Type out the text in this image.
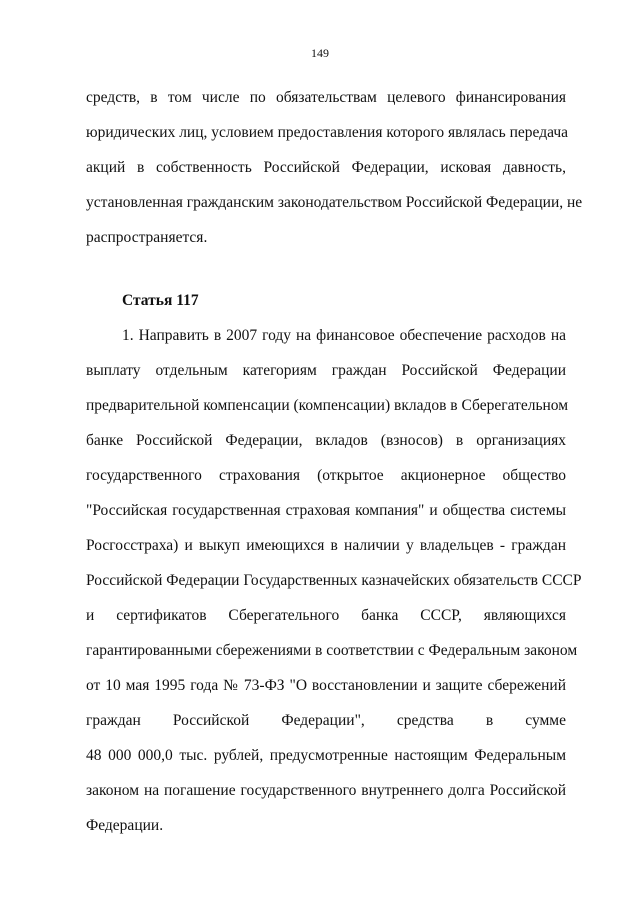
149
средств, в том числе по обязательствам целевого финансирования
юридических лиц, условием предоставления которого являлась передача
акций в собственность Российской Федерации, исковая давность,
установленная гражданским законодательством Российской Федерации, не
распространяется.
Статья 117
1. Направить в 2007 году на финансовое обеспечение расходов на
выплату отдельным категориям граждан Российской Федерации
предварительной компенсации (компенсации) вкладов в Сберегательном
банке Российской Федерации, вкладов (взносов) в организациях
государственного страхования (открытое акционерное общество
"Российская государственная страховая компания" и общества системы
Росгосстраха) и выкуп имеющихся в наличии у владельцев - граждан
Российской Федерации Государственных казначейских обязательств СССР
и сертификатов Сберегательного банка СССР, являющихся
гарантированными сбережениями в соответствии с Федеральным законом
от 10 мая 1995 года № 73-ФЗ "О восстановлении и защите сбережений
граждан Российской Федерации", средства в сумме
48 000 000,0 тыс. рублей, предусмотренные настоящим Федеральным
законом на погашение государственного внутреннего долга Российской
Федерации.
